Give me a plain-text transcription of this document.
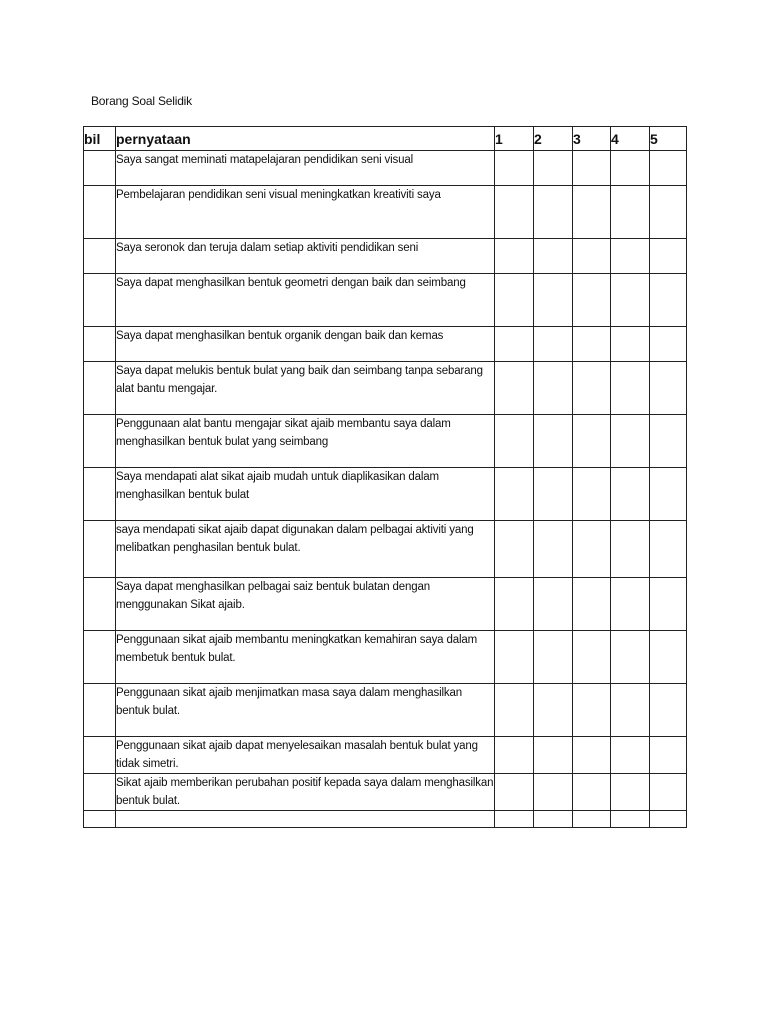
Borang Soal Selidik
bil	pernyataan	1	2	3	4	5
	Saya sangat meminati matapelajaran pendidikan seni visual					
	Pembelajaran pendidikan seni visual meningkatkan kreativiti saya					
	Saya seronok dan teruja dalam setiap aktiviti pendidikan seni					
	Saya dapat menghasilkan bentuk geometri dengan baik dan seimbang					
	Saya dapat menghasilkan bentuk organik dengan baik dan kemas					
	Saya dapat melukis bentuk bulat yang baik dan seimbang tanpa sebarang alat bantu mengajar.					
	Penggunaan alat bantu mengajar sikat ajaib membantu saya dalam menghasilkan bentuk bulat yang seimbang					
	Saya mendapati alat sikat ajaib mudah untuk diaplikasikan dalam menghasilkan bentuk bulat					
	saya mendapati sikat ajaib dapat digunakan dalam pelbagai aktiviti yang melibatkan penghasilan bentuk bulat.					
	Saya dapat menghasilkan pelbagai saiz bentuk bulatan dengan menggunakan Sikat ajaib.					
	Penggunaan sikat ajaib membantu meningkatkan kemahiran saya dalam membetuk bentuk bulat.					
	Penggunaan sikat ajaib menjimatkan masa saya dalam menghasilkan bentuk bulat.					
	Penggunaan sikat ajaib dapat menyelesaikan masalah bentuk bulat yang tidak simetri.					
	Sikat ajaib memberikan perubahan positif kepada saya dalam menghasilkan bentuk bulat.					
